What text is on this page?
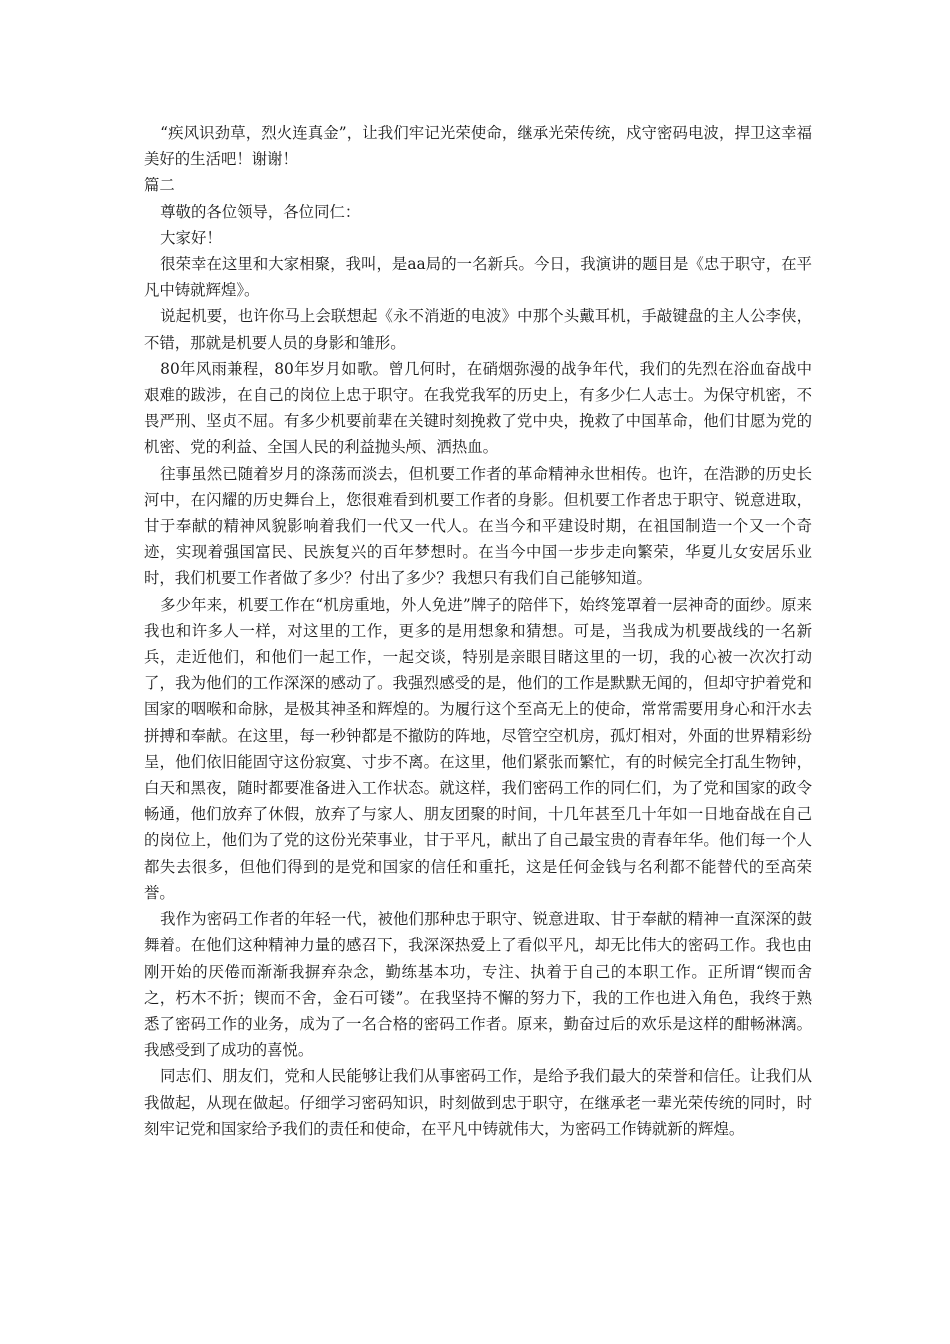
“疾风识劲草，烈火连真金”，让我们牢记光荣使命，继承光荣传统，戍守密码电波，捍卫这幸福美好的生活吧！谢谢！

篇二

尊敬的各位领导，各位同仁：

大家好！

很荣幸在这里和大家相聚，我叫，是aa局的一名新兵。今日，我演讲的题目是《忠于职守，在平凡中铸就辉煌》。

说起机要，也许你马上会联想起《永不消逝的电波》中那个头戴耳机，手敲键盘的主人公李侠，不错，那就是机要人员的身影和雏形。

80年风雨兼程，80年岁月如歌。曾几何时，在硝烟弥漫的战争年代，我们的先烈在浴血奋战中艰难的跋涉，在自己的岗位上忠于职守。在我党我军的历史上，有多少仁人志士。为保守机密，不畏严刑、坚贞不屈。有多少机要前辈在关键时刻挽救了党中央，挽救了中国革命，他们甘愿为党的机密、党的利益、全国人民的利益抛头颅、洒热血。

往事虽然已随着岁月的涤荡而淡去，但机要工作者的革命精神永世相传。也许，在浩渺的历史长河中，在闪耀的历史舞台上，您很难看到机要工作者的身影。但机要工作者忠于职守、锐意进取，甘于奉献的精神风貌影响着我们一代又一代人。在当今和平建设时期，在祖国制造一个又一个奇迹，实现着强国富民、民族复兴的百年梦想时。在当今中国一步步走向繁荣，华夏儿女安居乐业时，我们机要工作者做了多少？付出了多少？我想只有我们自己能够知道。

多少年来，机要工作在“机房重地，外人免进”牌子的陪伴下，始终笼罩着一层神奇的面纱。原来我也和许多人一样，对这里的工作，更多的是用想象和猜想。可是，当我成为机要战线的一名新兵，走近他们，和他们一起工作，一起交谈，特别是亲眼目睹这里的一切，我的心被一次次打动了，我为他们的工作深深的感动了。我强烈感受的是，他们的工作是默默无闻的，但却守护着党和国家的咽喉和命脉，是极其神圣和辉煌的。为履行这个至高无上的使命，常常需要用身心和汗水去拼搏和奉献。在这里，每一秒钟都是不撤防的阵地，尽管空空机房，孤灯相对，外面的世界精彩纷呈，他们依旧能固守这份寂寞、寸步不离。在这里，他们紧张而繁忙，有的时候完全打乱生物钟，白天和黑夜，随时都要准备进入工作状态。就这样，我们密码工作的同仁们，为了党和国家的政令畅通，他们放弃了休假，放弃了与家人、朋友团聚的时间，十几年甚至几十年如一日地奋战在自己的岗位上，他们为了党的这份光荣事业，甘于平凡，献出了自己最宝贵的青春年华。他们每一个人都失去很多，但他们得到的是党和国家的信任和重托，这是任何金钱与名利都不能替代的至高荣誉。

我作为密码工作者的年轻一代，被他们那种忠于职守、锐意进取、甘于奉献的精神一直深深的鼓舞着。在他们这种精神力量的感召下，我深深热爱上了看似平凡，却无比伟大的密码工作。我也由刚开始的厌倦而渐渐我摒弃杂念，勤练基本功，专注、执着于自己的本职工作。正所谓“锲而舍之，朽木不折；锲而不舍，金石可镂”。在我坚持不懈的努力下，我的工作也进入角色，我终于熟悉了密码工作的业务，成为了一名合格的密码工作者。原来，勤奋过后的欢乐是这样的酣畅淋漓。我感受到了成功的喜悦。

同志们、朋友们，党和人民能够让我们从事密码工作，是给予我们最大的荣誉和信任。让我们从我做起，从现在做起。仔细学习密码知识，时刻做到忠于职守，在继承老一辈光荣传统的同时，时刻牢记党和国家给予我们的责任和使命，在平凡中铸就伟大，为密码工作铸就新的辉煌。
